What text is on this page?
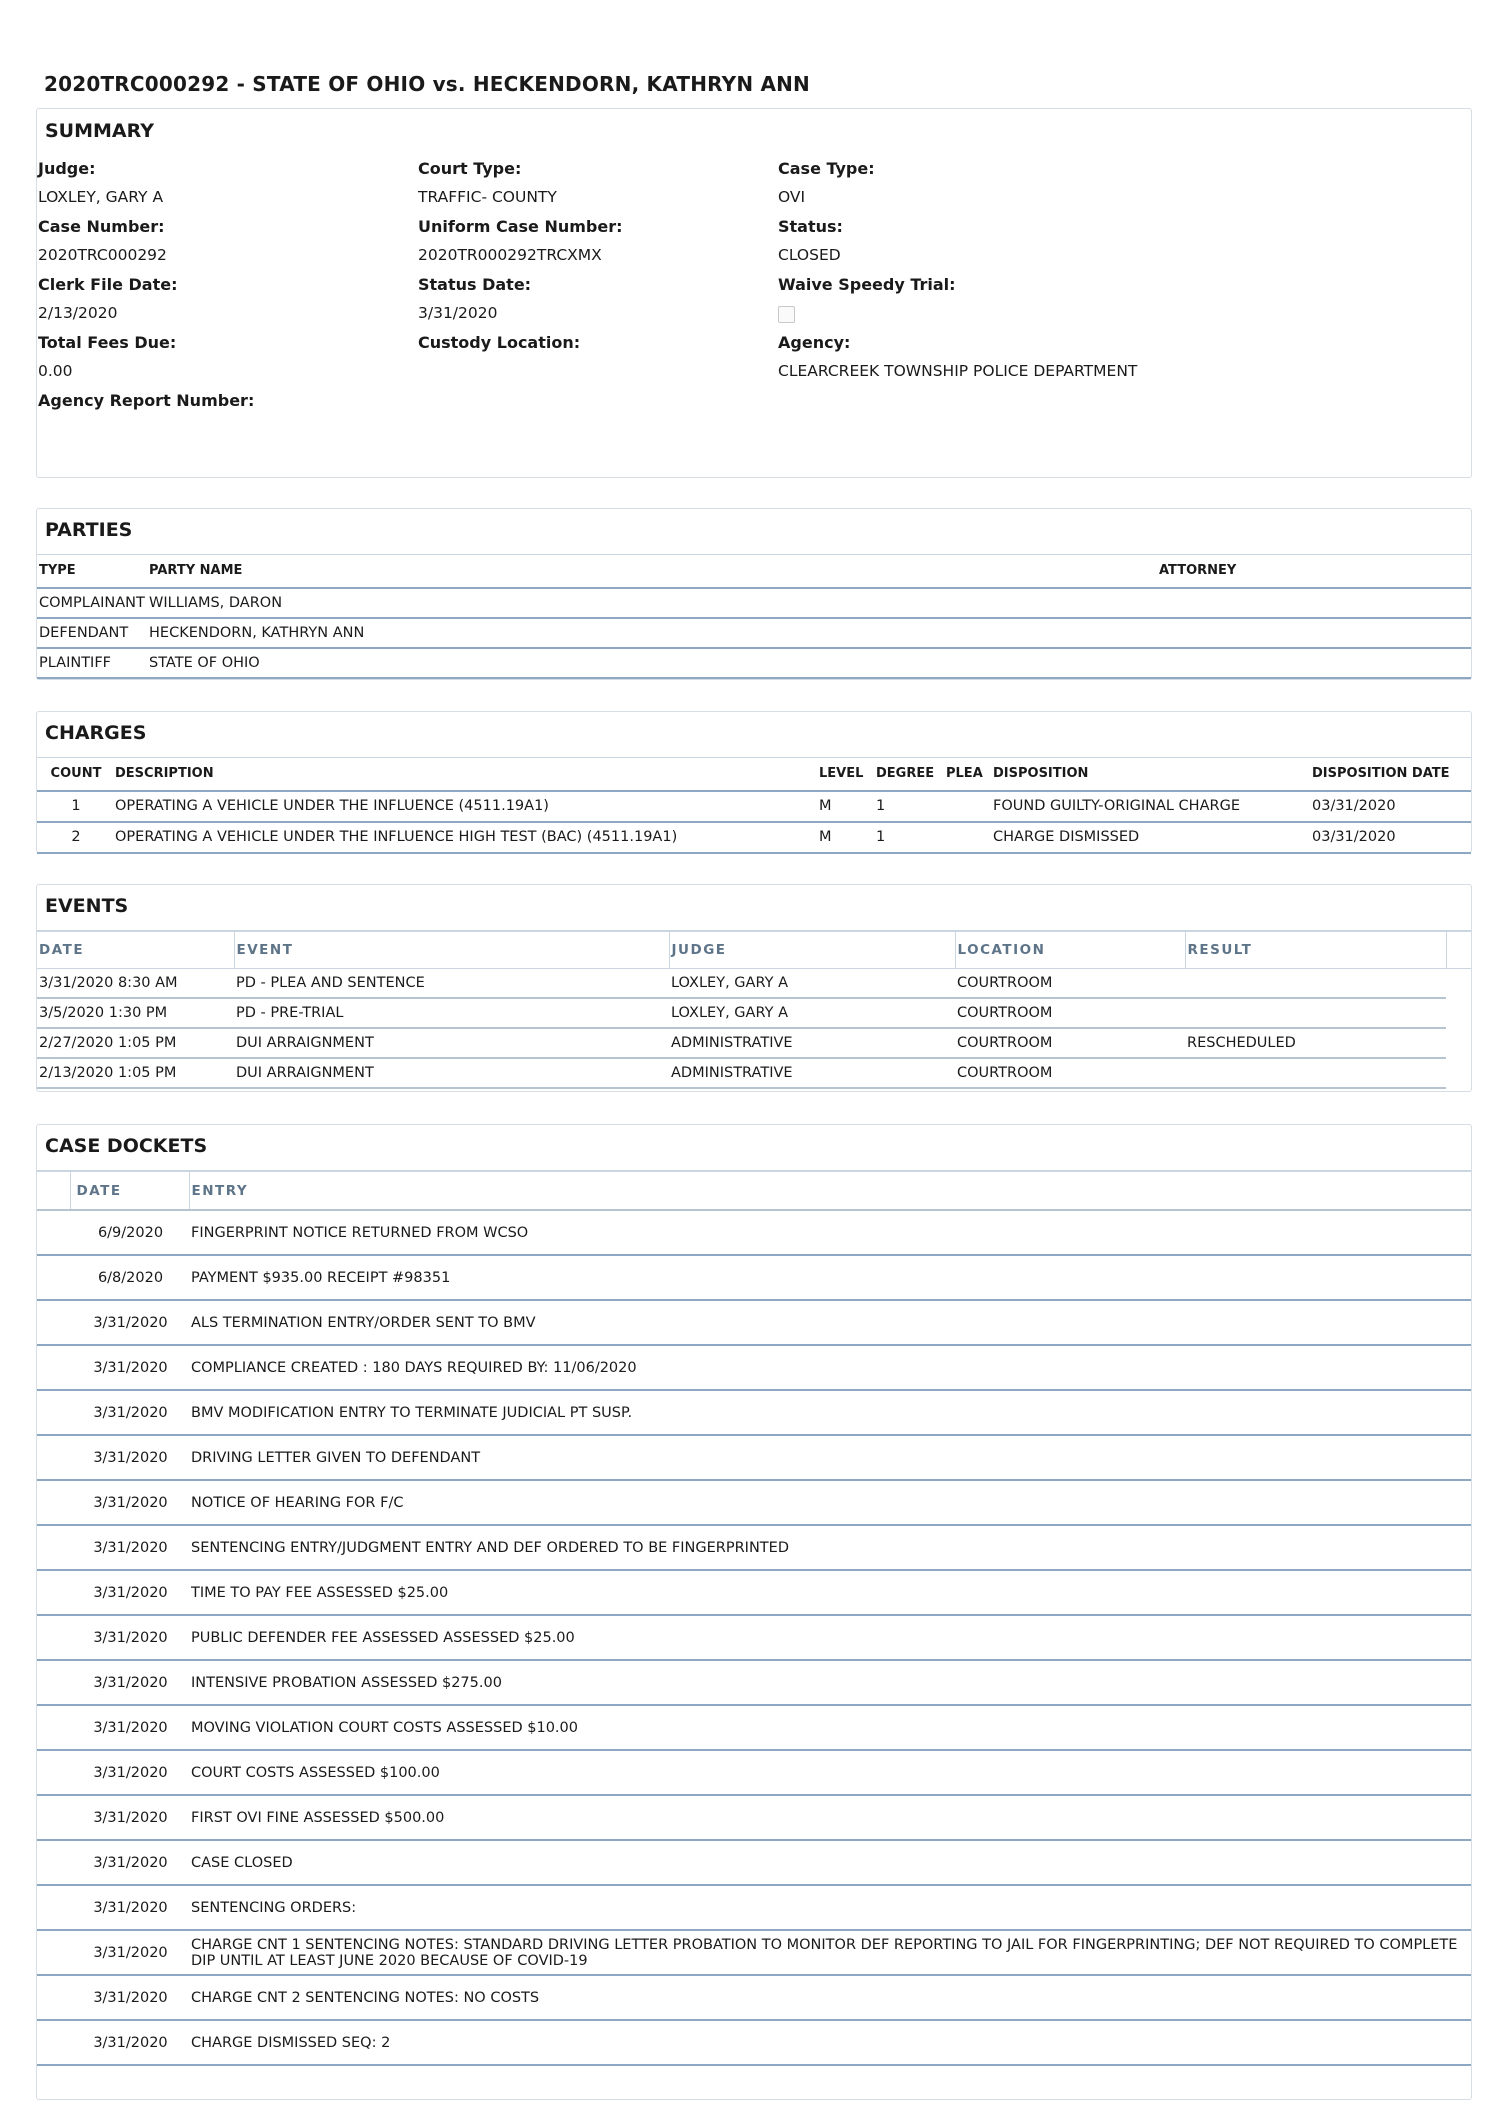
2020TRC000292 - STATE OF OHIO vs. HECKENDORN, KATHRYN ANN
SUMMARY
Judge:
LOXLEY, GARY A
Case Number:
2020TRC000292
Clerk File Date:
2/13/2020
Total Fees Due:
0.00
Agency Report Number:
Court Type:
TRAFFIC- COUNTY
Uniform Case Number:
2020TR000292TRCXMX
Status Date:
3/31/2020
Custody Location:
Case Type:
OVI
Status:
CLOSED
Waive Speedy Trial:
Agency:
CLEARCREEK TOWNSHIP POLICE DEPARTMENT
PARTIES
TYPE	PARTY NAME	ATTORNEY
COMPLAINANT	WILLIAMS, DARON	
DEFENDANT	HECKENDORN, KATHRYN ANN	
PLAINTIFF	STATE OF OHIO	
CHARGES
COUNT	DESCRIPTION	LEVEL	DEGREE	PLEA	DISPOSITION	DISPOSITION DATE
1	OPERATING A VEHICLE UNDER THE INFLUENCE (4511.19A1)	M	1		FOUND GUILTY-ORIGINAL CHARGE	03/31/2020
2	OPERATING A VEHICLE UNDER THE INFLUENCE HIGH TEST (BAC) (4511.19A1)	M	1		CHARGE DISMISSED	03/31/2020
EVENTS
DATE	EVENT	JUDGE	LOCATION	RESULT	
3/31/2020 8:30 AM	PD - PLEA AND SENTENCE	LOXLEY, GARY A	COURTROOM		
3/5/2020 1:30 PM	PD - PRE-TRIAL	LOXLEY, GARY A	COURTROOM		
2/27/2020 1:05 PM	DUI ARRAIGNMENT	ADMINISTRATIVE	COURTROOM	RESCHEDULED	
2/13/2020 1:05 PM	DUI ARRAIGNMENT	ADMINISTRATIVE	COURTROOM		
CASE DOCKETS
	DATE	ENTRY
	6/9/2020	FINGERPRINT NOTICE RETURNED FROM WCSO
	6/8/2020	PAYMENT $935.00 RECEIPT #98351
	3/31/2020	ALS TERMINATION ENTRY/ORDER SENT TO BMV
	3/31/2020	COMPLIANCE CREATED : 180 DAYS REQUIRED BY: 11/06/2020
	3/31/2020	BMV MODIFICATION ENTRY TO TERMINATE JUDICIAL PT SUSP.
	3/31/2020	DRIVING LETTER GIVEN TO DEFENDANT
	3/31/2020	NOTICE OF HEARING FOR F/C
	3/31/2020	SENTENCING ENTRY/JUDGMENT ENTRY AND DEF ORDERED TO BE FINGERPRINTED
	3/31/2020	TIME TO PAY FEE ASSESSED $25.00
	3/31/2020	PUBLIC DEFENDER FEE ASSESSED ASSESSED $25.00
	3/31/2020	INTENSIVE PROBATION ASSESSED $275.00
	3/31/2020	MOVING VIOLATION COURT COSTS ASSESSED $10.00
	3/31/2020	COURT COSTS ASSESSED $100.00
	3/31/2020	FIRST OVI FINE ASSESSED $500.00
	3/31/2020	CASE CLOSED
	3/31/2020	SENTENCING ORDERS:
	3/31/2020	CHARGE CNT 1 SENTENCING NOTES: STANDARD DRIVING LETTER PROBATION TO MONITOR DEF REPORTING TO JAIL FOR FINGERPRINTING; DEF NOT REQUIRED TO COMPLETE DIP UNTIL AT LEAST JUNE 2020 BECAUSE OF COVID-19
	3/31/2020	CHARGE CNT 2 SENTENCING NOTES: NO COSTS
	3/31/2020	CHARGE DISMISSED SEQ: 2
